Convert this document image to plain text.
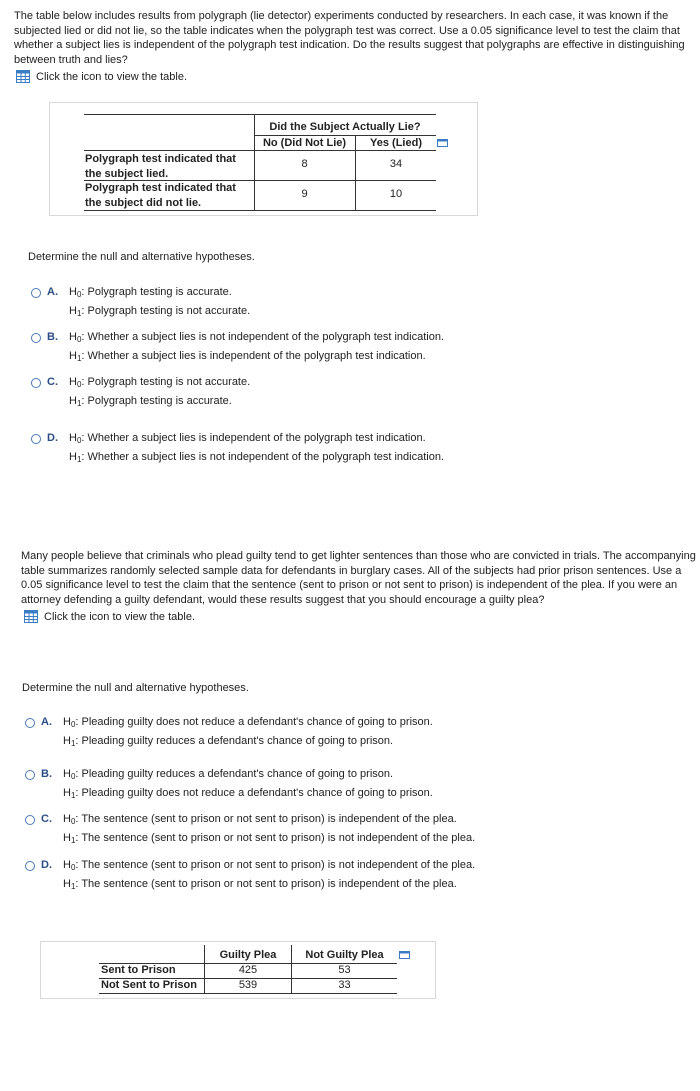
The table below includes results from polygraph (lie detector) experiments conducted by researchers. In each case, it was known if the subjected lied or did not lie, so the table indicates when the polygraph test was correct. Use a 0.05 significance level to test the claim that whether a subject lies is independent of the polygraph test indication. Do the results suggest that polygraphs are effective in distinguishing between truth and lies?
Click the icon to view the table.
Did the Subject Actually Lie?
No (Did Not Lie)	Yes (Lied)
Polygraph test indicated that
the subject lied.
8	34
Polygraph test indicated that
the subject did not lie.
9	10
Determine the null and alternative hypotheses.
A.	$H_0$: Polygraph testing is accurate.
$H_1$: Polygraph testing is not accurate.
B.	$H_0$: Whether a subject lies is not independent of the polygraph test indication.
$H_1$: Whether a subject lies is independent of the polygraph test indication.
C.	$H_0$: Polygraph testing is not accurate.
$H_1$: Polygraph testing is accurate.
D.	$H_0$: Whether a subject lies is independent of the polygraph test indication.
$H_1$: Whether a subject lies is not independent of the polygraph test indication.
Many people believe that criminals who plead guilty tend to get lighter sentences than those who are convicted in trials. The accompanying table summarizes randomly selected sample data for defendants in burglary cases. All of the subjects had prior prison sentences. Use a 0.05 significance level to test the claim that the sentence (sent to prison or not sent to prison) is independent of the plea. If you were an attorney defending a guilty defendant, would these results suggest that you should encourage a guilty plea?
Click the icon to view the table.
Determine the null and alternative hypotheses.
A.	$H_0$: Pleading guilty does not reduce a defendant's chance of going to prison.
$H_1$: Pleading guilty reduces a defendant's chance of going to prison.
B.	$H_0$: Pleading guilty reduces a defendant's chance of going to prison.
$H_1$: Pleading guilty does not reduce a defendant's chance of going to prison.
C.	$H_0$: The sentence (sent to prison or not sent to prison) is independent of the plea.
$H_1$: The sentence (sent to prison or not sent to prison) is not independent of the plea.
D.	$H_0$: The sentence (sent to prison or not sent to prison) is not independent of the plea.
$H_1$: The sentence (sent to prison or not sent to prison) is independent of the plea.
Guilty Plea	Not Guilty Plea
Sent to Prison	425	53
Not Sent to Prison	539	33
